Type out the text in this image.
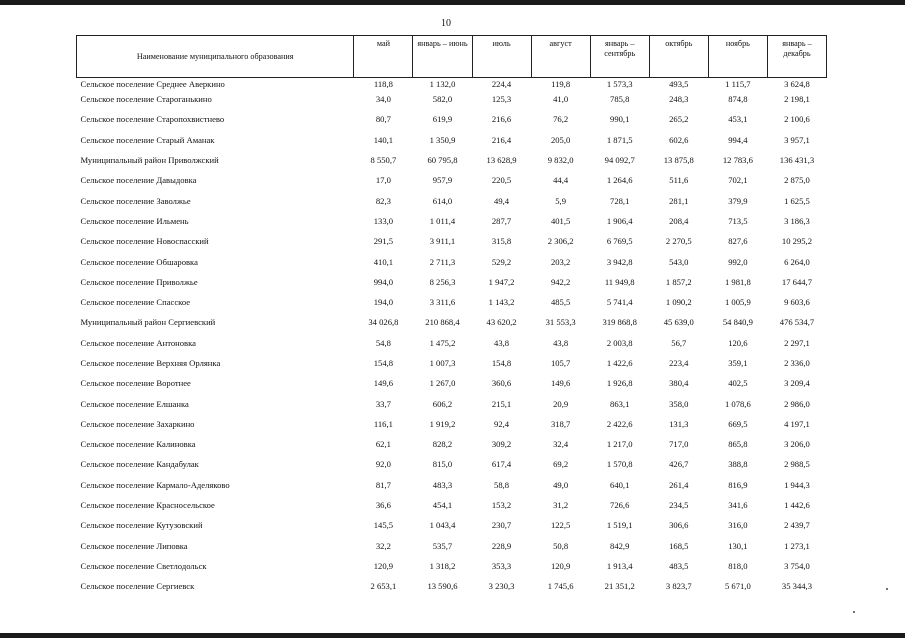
10
Наименование муниципального образования	май	январь – июнь	июль	август	январь – сентябрь	октябрь	ноябрь	январь – декабрь
Сельское поселение Среднее Аверкино	118,8	1 132,0	224,4	119,8	1 573,3	493,5	1 115,7	3 624,8
Сельское поселение Староганькино	34,0	582,0	125,3	41,0	785,8	248,3	874,8	2 198,1
Сельское поселение Старопохвистнево	80,7	619,9	216,6	76,2	990,1	265,2	453,1	2 100,6
Сельское поселение Старый Аманак	140,1	1 350,9	216,4	205,0	1 871,5	602,6	994,4	3 957,1
Муниципальный район Приволжский	8 550,7	60 795,8	13 628,9	9 832,0	94 092,7	13 875,8	12 783,6	136 431,3
Сельское поселение Давыдовка	17,0	957,9	220,5	44,4	1 264,6	511,6	702,1	2 875,0
Сельское поселение Заволжье	82,3	614,0	49,4	5,9	728,1	281,1	379,9	1 625,5
Сельское поселение Ильмень	133,0	1 011,4	287,7	401,5	1 906,4	208,4	713,5	3 186,3
Сельское поселение Новоспасский	291,5	3 911,1	315,8	2 306,2	6 769,5	2 270,5	827,6	10 295,2
Сельское поселение Обшаровка	410,1	2 711,3	529,2	203,2	3 942,8	543,0	992,0	6 264,0
Сельское поселение Приволжье	994,0	8 256,3	1 947,2	942,2	11 949,8	1 857,2	1 981,8	17 644,7
Сельское поселение Спасское	194,0	3 311,6	1 143,2	485,5	5 741,4	1 090,2	1 005,9	9 603,6
Муниципальный район Сергиевский	34 026,8	210 868,4	43 620,2	31 553,3	319 868,8	45 639,0	54 840,9	476 534,7
Сельское поселение Антоновка	54,8	1 475,2	43,8	43,8	2 003,8	56,7	120,6	2 297,1
Сельское поселение Верхняя Орлянка	154,8	1 007,3	154,8	105,7	1 422,6	223,4	359,1	2 336,0
Сельское поселение Воротнее	149,6	1 267,0	360,6	149,6	1 926,8	380,4	402,5	3 209,4
Сельское поселение Елшанка	33,7	606,2	215,1	20,9	863,1	358,0	1 078,6	2 986,0
Сельское поселение Захаркино	116,1	1 919,2	92,4	318,7	2 422,6	131,3	669,5	4 197,1
Сельское поселение Калиновка	62,1	828,2	309,2	32,4	1 217,0	717,0	865,8	3 206,0
Сельское поселение Кандабулак	92,0	815,0	617,4	69,2	1 570,8	426,7	388,8	2 988,5
Сельское поселение Кармало-Аделяково	81,7	483,3	58,8	49,0	640,1	261,4	816,9	1 944,3
Сельское поселение Красносельское	36,6	454,1	153,2	31,2	726,6	234,5	341,6	1 442,6
Сельское поселение Кутузовский	145,5	1 043,4	230,7	122,5	1 519,1	306,6	316,0	2 439,7
Сельское поселение Липовка	32,2	535,7	228,9	50,8	842,9	168,5	130,1	1 273,1
Сельское поселение Светлодольск	120,9	1 318,2	353,3	120,9	1 913,4	483,5	818,0	3 754,0
Сельское поселение Сергиевск	2 653,1	13 590,6	3 230,3	1 745,6	21 351,2	3 823,7	5 671,0	35 344,3
